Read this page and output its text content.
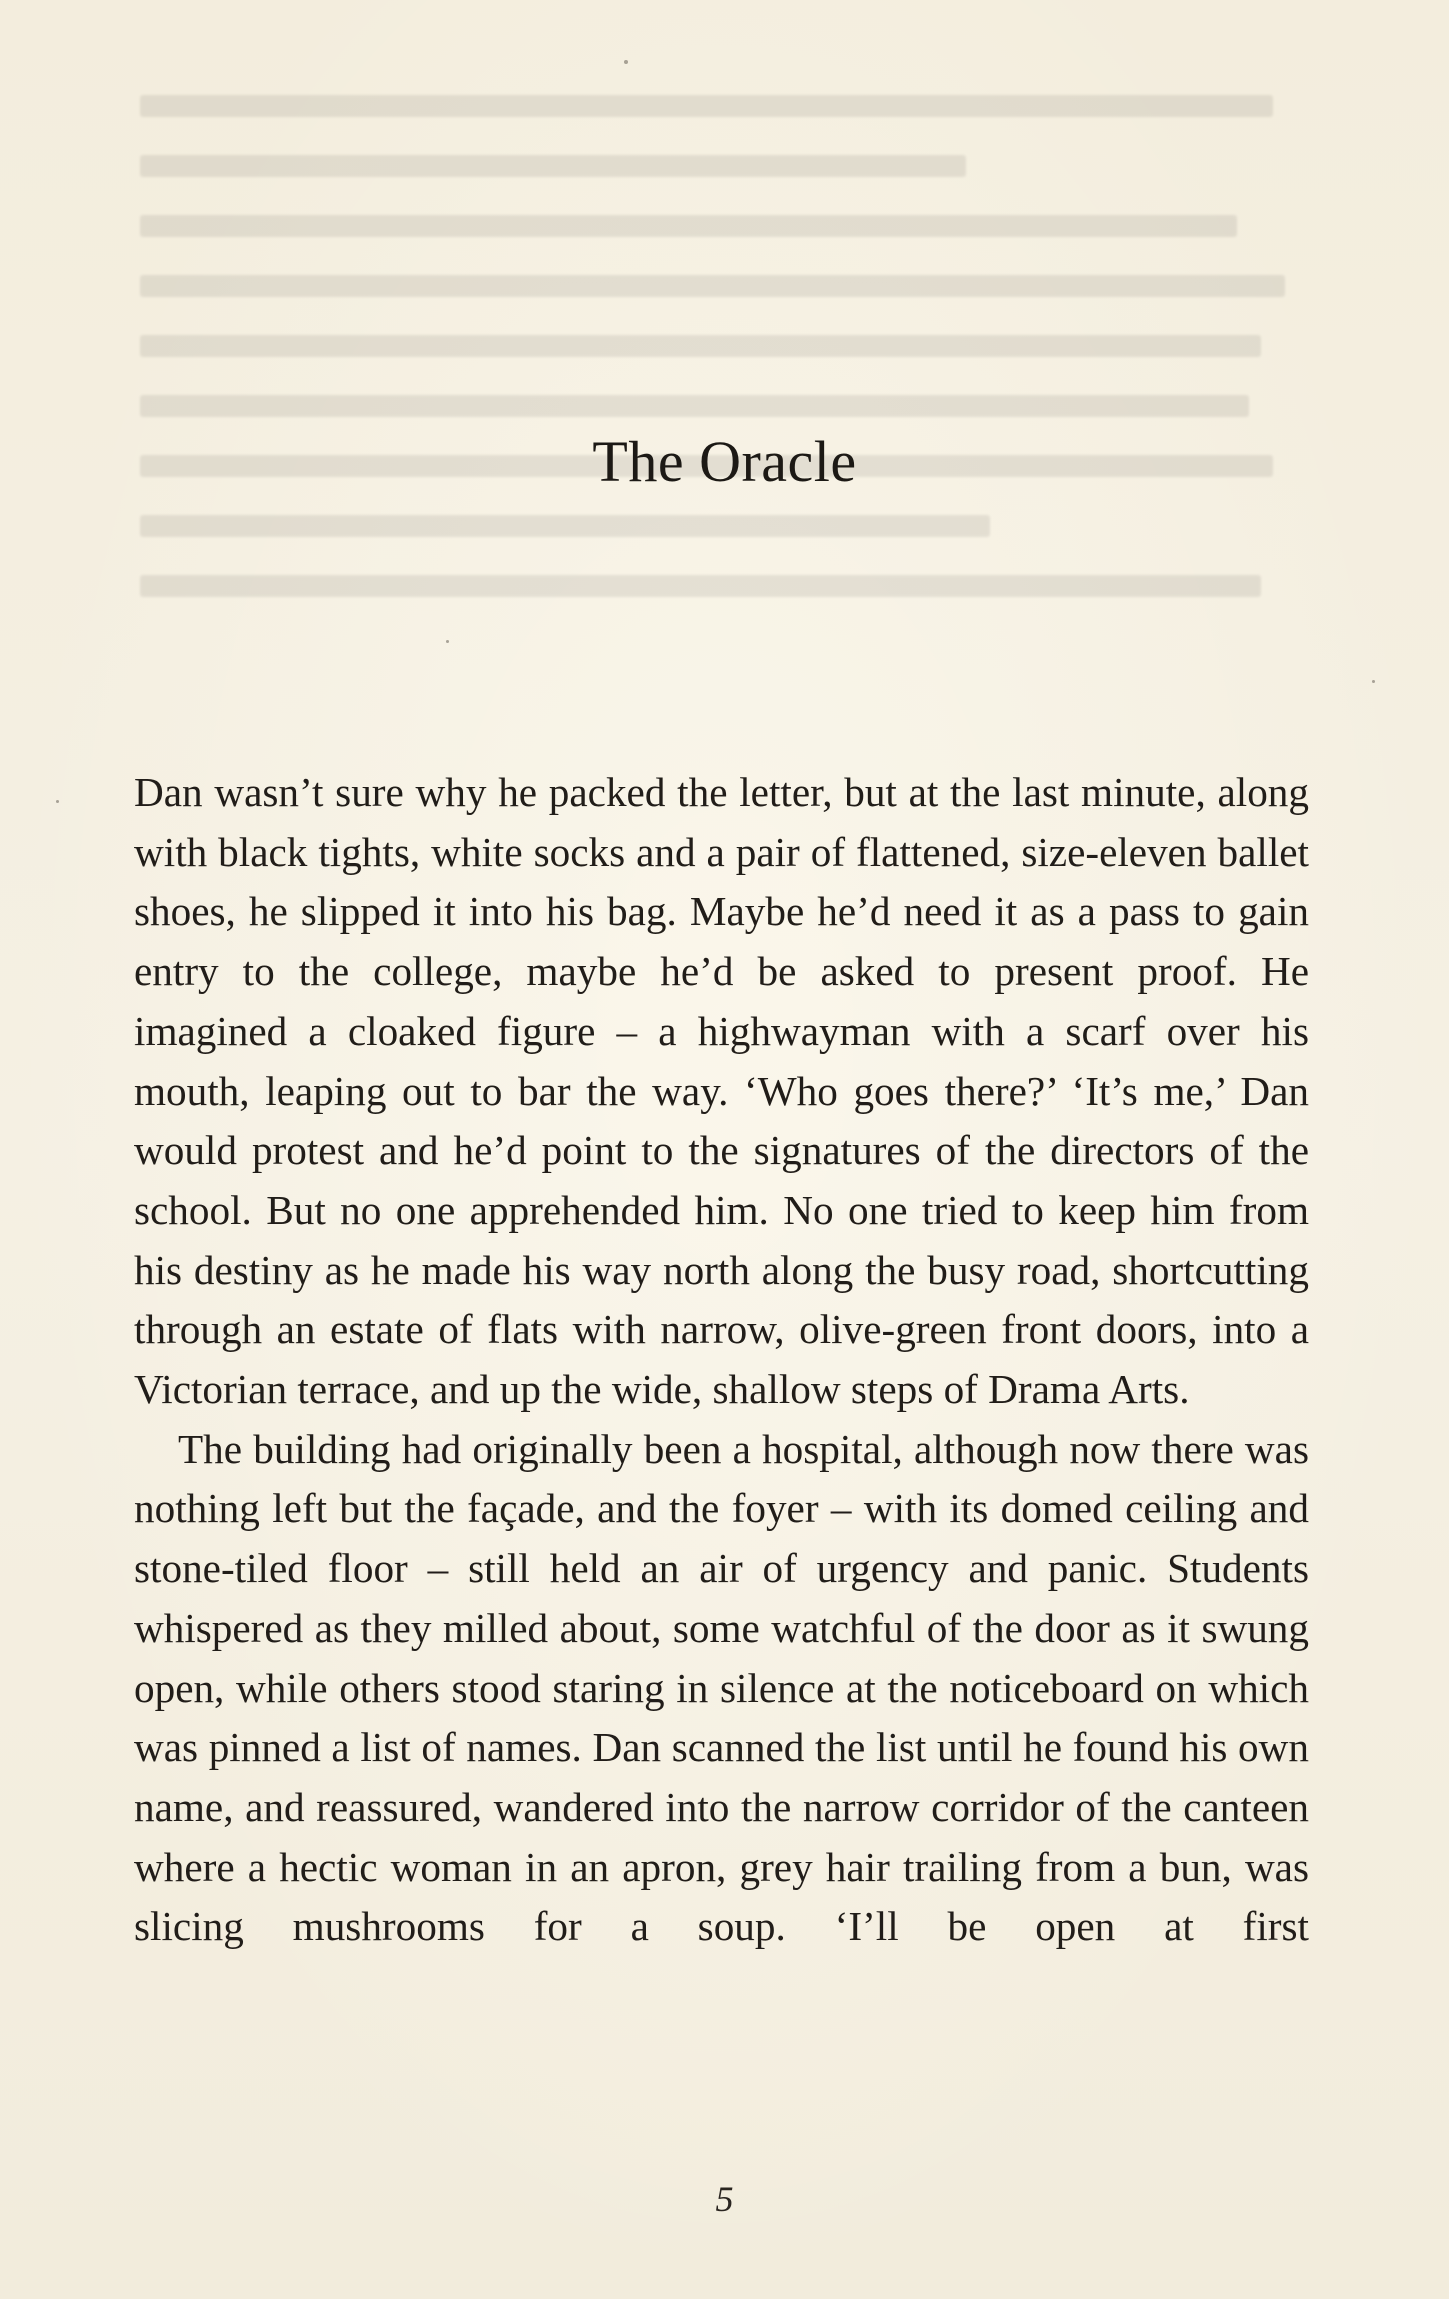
The Oracle

Dan wasn’t sure why he packed the letter, but at the last minute, along with black tights, white socks and a pair of flattened, size-eleven ballet shoes, he slipped it into his bag. Maybe he’d need it as a pass to gain entry to the college, maybe he’d be asked to present proof. He imagined a cloaked figure – a highwayman with a scarf over his mouth, leaping out to bar the way. ‘Who goes there?’ ‘It’s me,’ Dan would protest and he’d point to the signatures of the directors of the school. But no one apprehended him. No one tried to keep him from his destiny as he made his way north along the busy road, shortcutting through an estate of flats with narrow, olive-green front doors, into a Victorian terrace, and up the wide, shallow steps of Drama Arts.

The building had originally been a hospital, although now there was nothing left but the façade, and the foyer – with its domed ceiling and stone-tiled floor – still held an air of urgency and panic. Students whispered as they milled about, some watchful of the door as it swung open, while others stood staring in silence at the noticeboard on which was pinned a list of names. Dan scanned the list until he found his own name, and reassured, wandered into the narrow corridor of the canteen where a hectic woman in an apron, grey hair trailing from a bun, was slicing mushrooms for a soup. ‘I’ll be open at first

5
